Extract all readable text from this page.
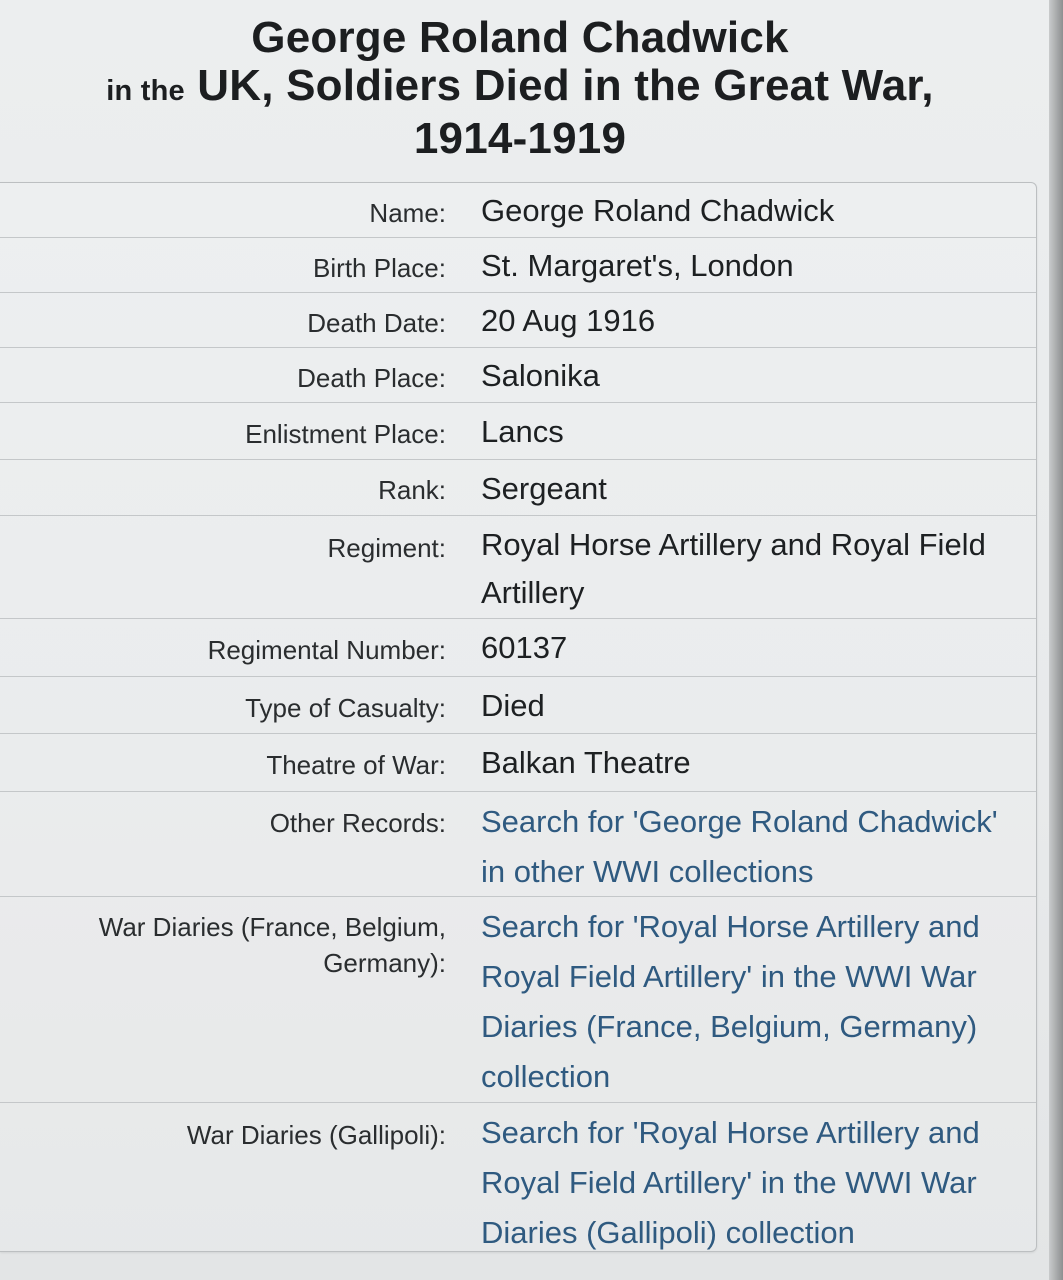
George Roland Chadwick
in the UK, Soldiers Died in the Great War,
1914-1919
Name: George Roland Chadwick
Birth Place: St. Margaret's, London
Death Date: 20 Aug 1916
Death Place: Salonika
Enlistment Place: Lancs
Rank: Sergeant
Regiment: Royal Horse Artillery and Royal Field Artillery
Regimental Number: 60137
Type of Casualty: Died
Theatre of War: Balkan Theatre
Other Records: Search for 'George Roland Chadwick' in other WWI collections
War Diaries (France, Belgium, Germany):
Search for 'Royal Horse Artillery and Royal Field Artillery' in the WWI War Diaries (France, Belgium, Germany) collection
War Diaries (Gallipoli): Search for 'Royal Horse Artillery and Royal Field Artillery' in the WWI War Diaries (Gallipoli) collection
